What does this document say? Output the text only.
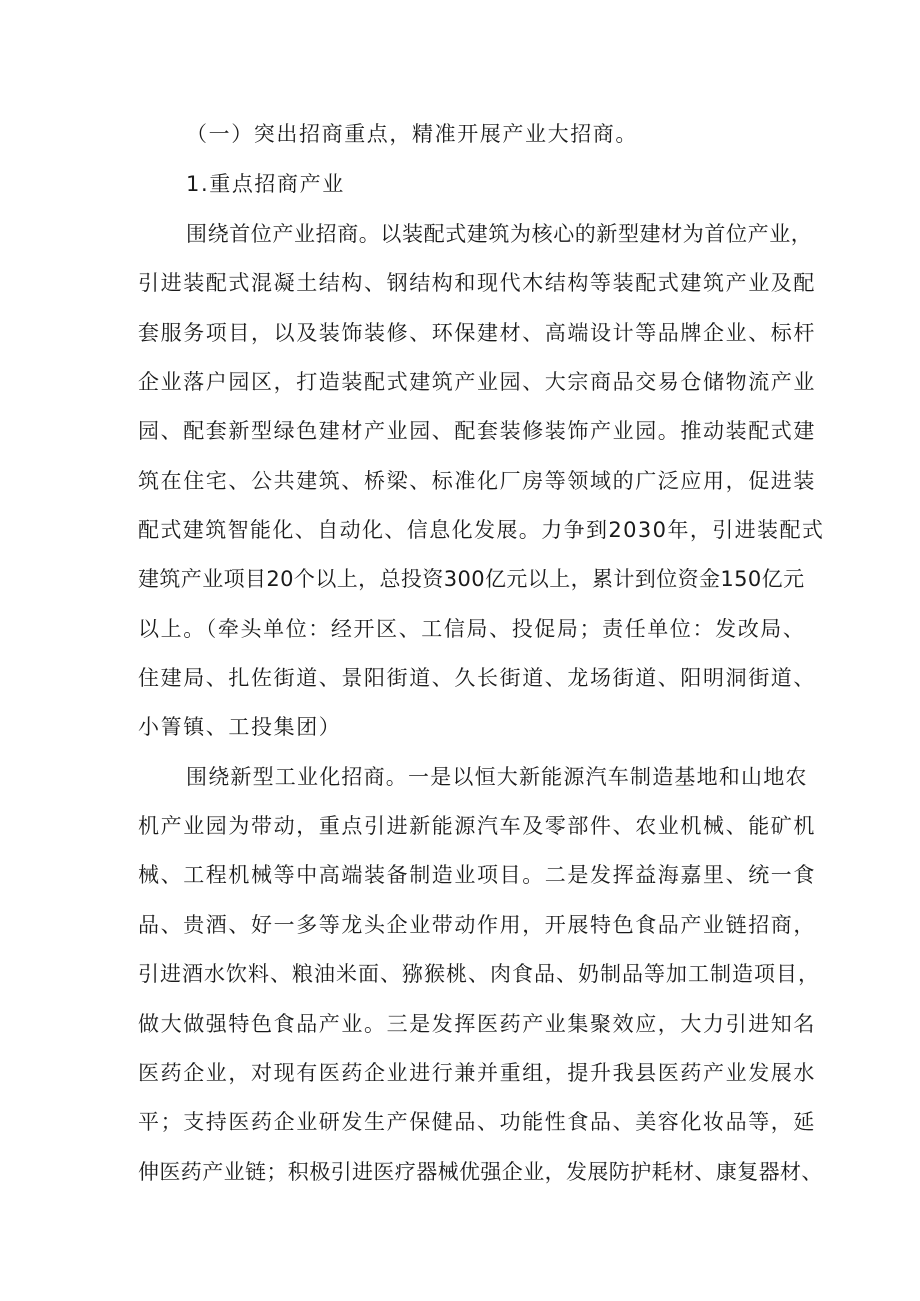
（一）突出招商重点，精准开展产业大招商。
1.重点招商产业
围绕首位产业招商。以装配式建筑为核心的新型建材为首位产业，
引进装配式混凝土结构、钢结构和现代木结构等装配式建筑产业及配
套服务项目，以及装饰装修、环保建材、高端设计等品牌企业、标杆
企业落户园区，打造装配式建筑产业园、大宗商品交易仓储物流产业
园、配套新型绿色建材产业园、配套装修装饰产业园。推动装配式建
筑在住宅、公共建筑、桥梁、标准化厂房等领域的广泛应用，促进装
配式建筑智能化、自动化、信息化发展。力争到2030年，引进装配式
建筑产业项目20个以上，总投资300亿元以上，累计到位资金150亿元
以上。（牵头单位：经开区、工信局、投促局；责任单位：发改局、
住建局、扎佐街道、景阳街道、久长街道、龙场街道、阳明洞街道、
小箐镇、工投集团）
围绕新型工业化招商。一是以恒大新能源汽车制造基地和山地农
机产业园为带动，重点引进新能源汽车及零部件、农业机械、能矿机
械、工程机械等中高端装备制造业项目。二是发挥益海嘉里、统一食
品、贵酒、好一多等龙头企业带动作用，开展特色食品产业链招商，
引进酒水饮料、粮油米面、猕猴桃、肉食品、奶制品等加工制造项目，
做大做强特色食品产业。三是发挥医药产业集聚效应，大力引进知名
医药企业，对现有医药企业进行兼并重组，提升我县医药产业发展水
平；支持医药企业研发生产保健品、功能性食品、美容化妆品等，延
伸医药产业链；积极引进医疗器械优强企业，发展防护耗材、康复器材、
